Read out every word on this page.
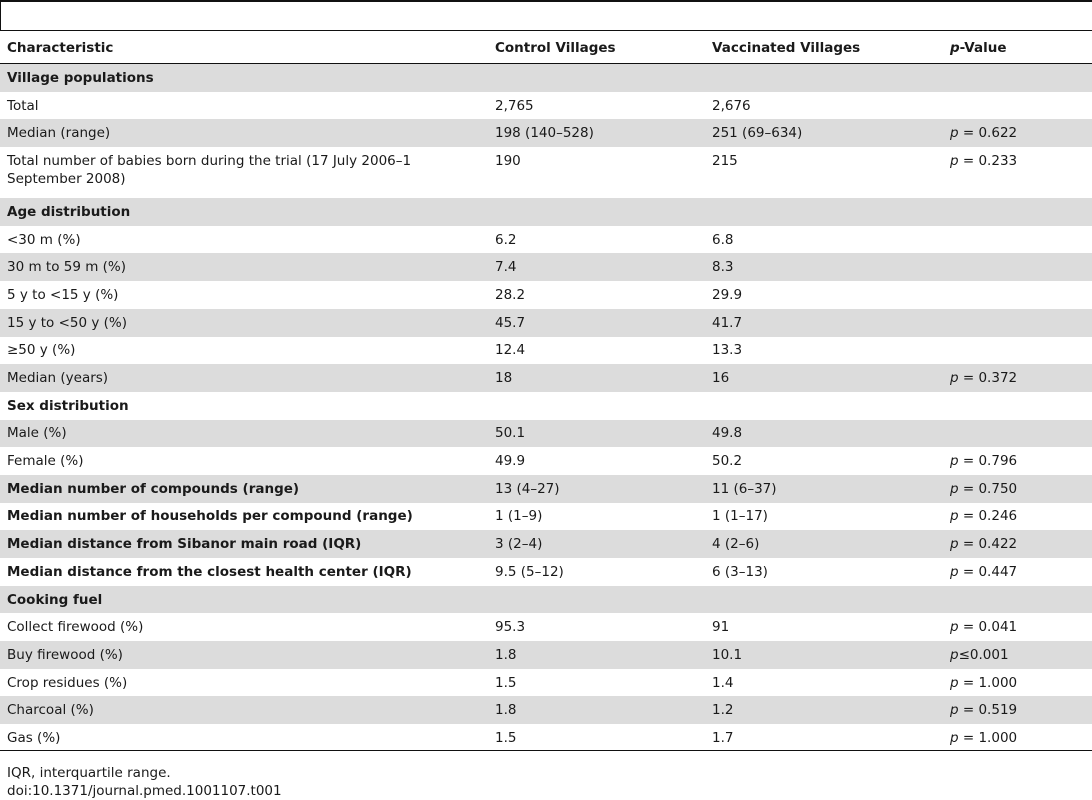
Characteristic	Control Villages	Vaccinated Villages	p-Value
Village populations			
Total	2,765	2,676	
Median (range)	198 (140–528)	251 (69–634)	p = 0.622
Total number of babies born during the trial (17 July 2006–1 September 2008)	190	215	p = 0.233
Age distribution			
<30 m (%)	6.2	6.8	
30 m to 59 m (%)	7.4	8.3	
5 y to <15 y (%)	28.2	29.9	
15 y to <50 y (%)	45.7	41.7	
≥50 y (%)	12.4	13.3	
Median (years)	18	16	p = 0.372
Sex distribution			
Male (%)	50.1	49.8	
Female (%)	49.9	50.2	p = 0.796
Median number of compounds (range)	13 (4–27)	11 (6–37)	p = 0.750
Median number of households per compound (range)	1 (1–9)	1 (1–17)	p = 0.246
Median distance from Sibanor main road (IQR)	3 (2–4)	4 (2–6)	p = 0.422
Median distance from the closest health center (IQR)	9.5 (5–12)	6 (3–13)	p = 0.447
Cooking fuel			
Collect firewood (%)	95.3	91	p = 0.041
Buy firewood (%)	1.8	10.1	p≤0.001
Crop residues (%)	1.5	1.4	p = 1.000
Charcoal (%)	1.8	1.2	p = 0.519
Gas (%)	1.5	1.7	p = 1.000
IQR, interquartile range.
doi:10.1371/journal.pmed.1001107.t001
